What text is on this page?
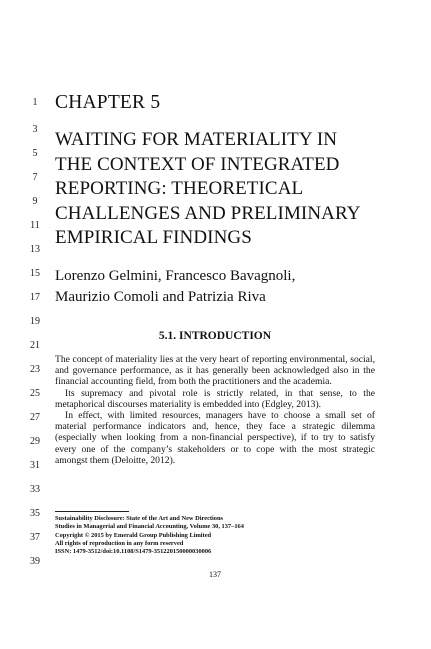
1
3
5
7
9
11
13
15
17
19
21
23
25
27
29
31
33
35
37
39
CHAPTER 5
WAITING FOR MATERIALITY IN
THE CONTEXT OF INTEGRATED
REPORTING: THEORETICAL
CHALLENGES AND PRELIMINARY
EMPIRICAL FINDINGS
Lorenzo Gelmini, Francesco Bavagnoli,
Maurizio Comoli and Patrizia Riva
5.1. INTRODUCTION

The concept of materiality lies at the very heart of reporting environmental, social, and governance performance, as it has generally been acknowledged also in the financial accounting field, from both the practitioners and the academia.

Its supremacy and pivotal role is strictly related, in that sense, to the metaphorical discourses materiality is embedded into (Edgley, 2013).

In effect, with limited resources, managers have to choose a small set of material performance indicators and, hence, they face a strategic dilemma (especially when looking from a non-financial perspective), if to try to satisfy every one of the company’s stakeholders or to cope with the most strategic amongst them (Deloitte, 2012).

Sustainability Disclosure: State of the Art and New Directions
Studies in Managerial and Financial Accounting, Volume 30, 137–164
Copyright © 2015 by Emerald Group Publishing Limited
All rights of reproduction in any form reserved
ISSN: 1479-3512/doi:10.1108/S1479-351220150000030006
137
